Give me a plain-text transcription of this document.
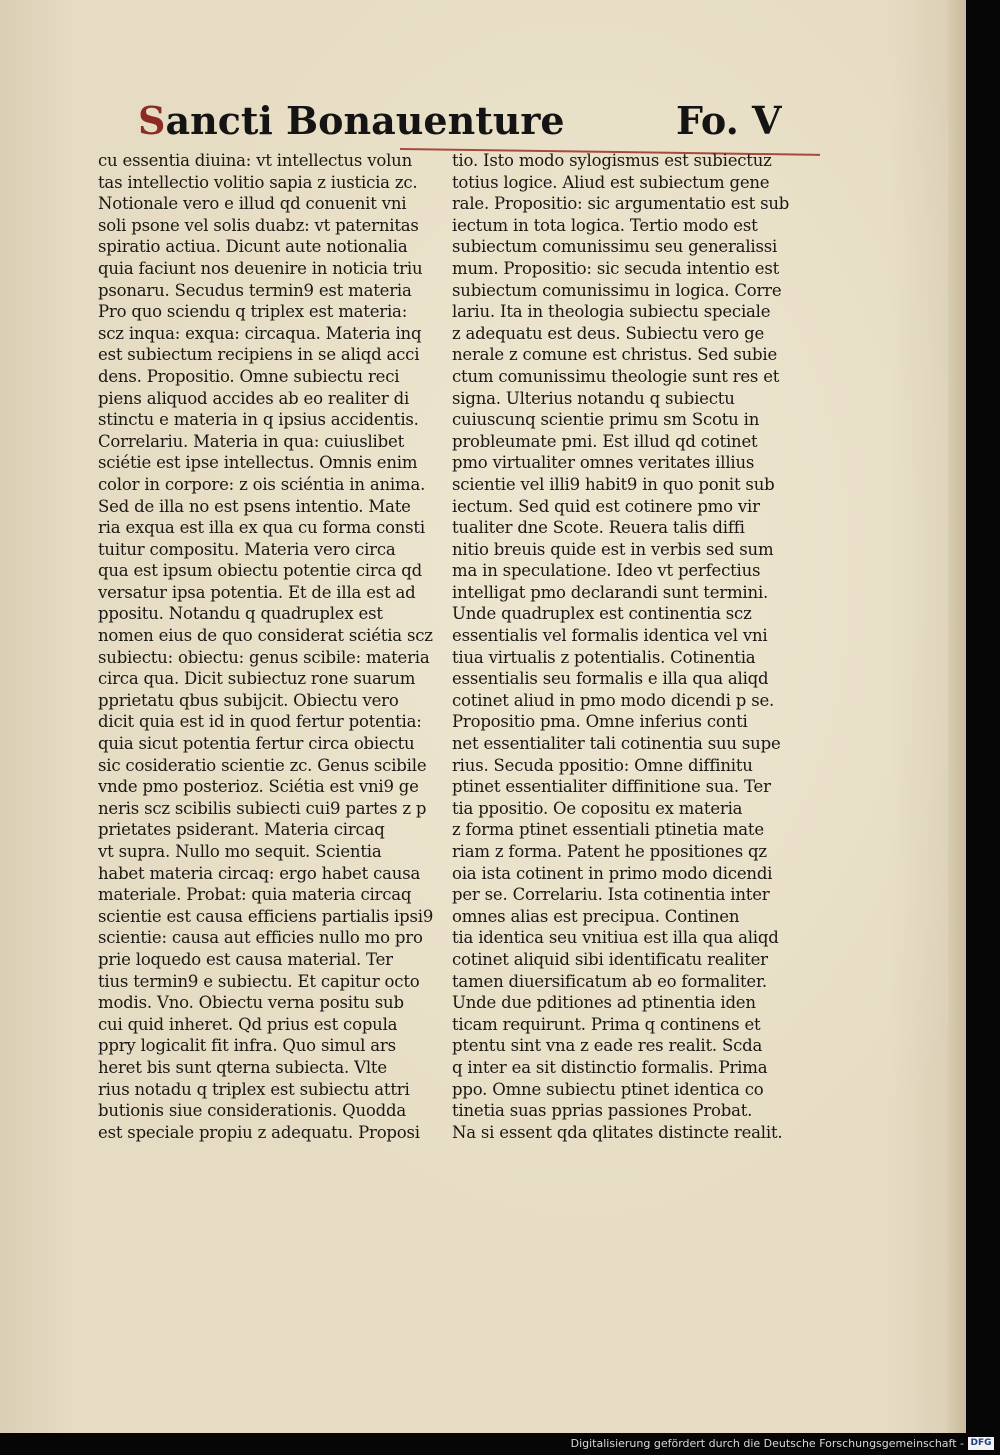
Sancti Bonauenture	Fo. V
cu essentia diuina: vt intellectus volun
tas intellectio volitio sapia z iusticia zc.
Notionale vero e illud qd conuenit vni
soli psone vel solis duabz: vt paternitas
spiratio actiua. Dicunt aute notionalia
quia faciunt nos deuenire in noticia triu
psonaru. Secudus termin9 est materia
Pro quo sciendu q triplex est materia:
scz inqua: exqua: circaqua. Materia inq
est subiectum recipiens in se aliqd acci
dens. Propositio. Omne subiectu reci
piens aliquod accides ab eo realiter di
stinctu e materia in q ipsius accidentis.
Correlariu. Materia in qua: cuiuslibet
sciétie est ipse intellectus. Omnis enim
color in corpore: z ois sciéntia in anima.
Sed de illa no est psens intentio. Mate
ria exqua est illa ex qua cu forma consti
tuitur compositu. Materia vero circa
qua est ipsum obiectu potentie circa qd
versatur ipsa potentia. Et de illa est ad
ppositu. Notandu q quadruplex est
nomen eius de quo considerat sciétia scz
subiectu: obiectu: genus scibile: materia
circa qua. Dicit subiectuz rone suarum
pprietatu qbus subijcit. Obiectu vero
dicit quia est id in quod fertur potentia:
quia sicut potentia fertur circa obiectu
sic cosideratio scientie zc. Genus scibile
vnde pmo posterioz. Sciétia est vni9 ge
neris scz scibilis subiecti cui9 partes z p
prietates psiderant. Materia circaq
vt supra. Nullo mo sequit. Scientia
habet materia circaq: ergo habet causa
materiale. Probat: quia materia circaq
scientie est causa efficiens partialis ipsi9
scientie: causa aut efficies nullo mo pro
prie loquedo est causa material. Ter
tius termin9 e subiectu. Et capitur octo
modis. Vno. Obiectu verna positu sub
cui quid inheret. Qd prius est copula
ppry logicalit fit infra. Quo simul ars
heret bis sunt qterna subiecta. Vlte
rius notadu q triplex est subiectu attri
butionis siue considerationis. Quodda
est speciale propiu z adequatu. Proposi
tio. Isto modo sylogismus est subiectuz
totius logice. Aliud est subiectum gene
rale. Propositio: sic argumentatio est sub
iectum in tota logica. Tertio modo est
subiectum comunissimu seu generalissi
mum. Propositio: sic secuda intentio est
subiectum comunissimu in logica. Corre
lariu. Ita in theologia subiectu speciale
z adequatu est deus. Subiectu vero ge
nerale z comune est christus. Sed subie
ctum comunissimu theologie sunt res et
signa. Ulterius notandu q subiectu
cuiuscunq scientie primu sm Scotu in
probleumate pmi. Est illud qd cotinet
pmo virtualiter omnes veritates illius
scientie vel illi9 habit9 in quo ponit sub
iectum. Sed quid est cotinere pmo vir
tualiter dne Scote. Reuera talis diffi
nitio breuis quide est in verbis sed sum
ma in speculatione. Ideo vt perfectius
intelligat pmo declarandi sunt termini.
Unde quadruplex est continentia scz
essentialis vel formalis identica vel vni
tiua virtualis z potentialis. Cotinentia
essentialis seu formalis e illa qua aliqd
cotinet aliud in pmo modo dicendi p se.
Propositio pma. Omne inferius conti
net essentialiter tali cotinentia suu supe
rius. Secuda ppositio: Omne diffinitu
ptinet essentialiter diffinitione sua. Ter
tia ppositio. Oe copositu ex materia
z forma ptinet essentiali ptinetia mate
riam z forma. Patent he ppositiones qz
oia ista cotinent in primo modo dicendi
per se. Correlariu. Ista cotinentia inter
omnes alias est precipua. Continen
tia identica seu vnitiua est illa qua aliqd
cotinet aliquid sibi identificatu realiter
tamen diuersificatum ab eo formaliter.
Unde due pditiones ad ptinentia iden
ticam requirunt. Prima q continens et
ptentu sint vna z eade res realit. Scda
q inter ea sit distinctio formalis. Prima
ppo. Omne subiectu ptinet identica co
tinetia suas pprias passiones Probat.
Na si essent qda qlitates distincte realit.
Digitalisierung gefördert durch die Deutsche Forschungsgemeinschaft - DFG
